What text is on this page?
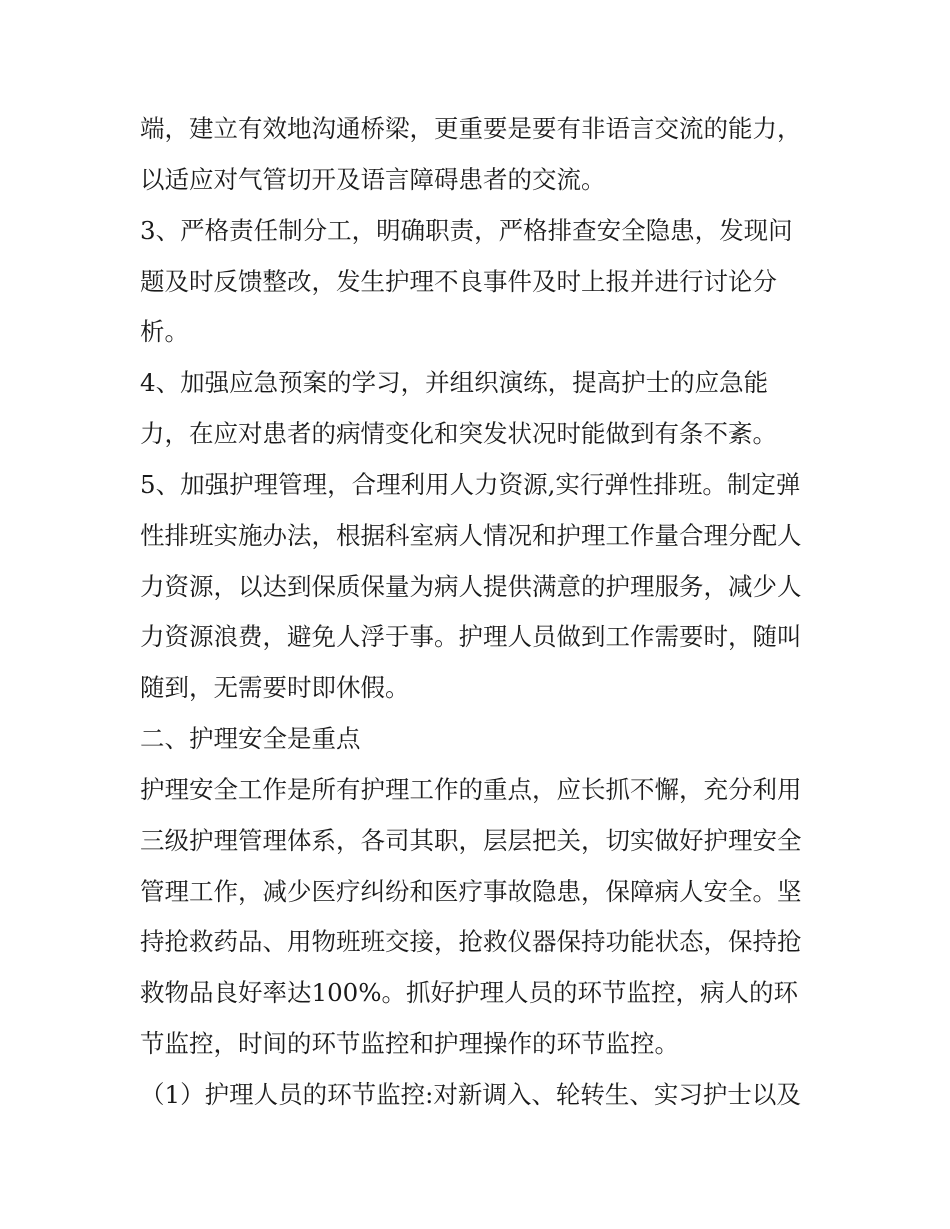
端，建立有效地沟通桥梁，更重要是要有非语言交流的能力，
以适应对气管切开及语言障碍患者的交流。
3、严格责任制分工，明确职责，严格排查安全隐患，发现问
题及时反馈整改，发生护理不良事件及时上报并进行讨论分
析。
4、加强应急预案的学习，并组织演练，提高护士的应急能
力，在应对患者的病情变化和突发状况时能做到有条不紊。
5、加强护理管理，合理利用人力资源,实行弹性排班。制定弹
性排班实施办法，根据科室病人情况和护理工作量合理分配人
力资源，以达到保质保量为病人提供满意的护理服务，减少人
力资源浪费，避免人浮于事。护理人员做到工作需要时，随叫
随到，无需要时即休假。
二、护理安全是重点
护理安全工作是所有护理工作的重点，应长抓不懈，充分利用
三级护理管理体系，各司其职，层层把关，切实做好护理安全
管理工作，减少医疗纠纷和医疗事故隐患，保障病人安全。坚
持抢救药品、用物班班交接，抢救仪器保持功能状态，保持抢
救物品良好率达100%。抓好护理人员的环节监控，病人的环
节监控，时间的环节监控和护理操作的环节监控。
（1）护理人员的环节监控:对新调入、轮转生、实习护士以及
